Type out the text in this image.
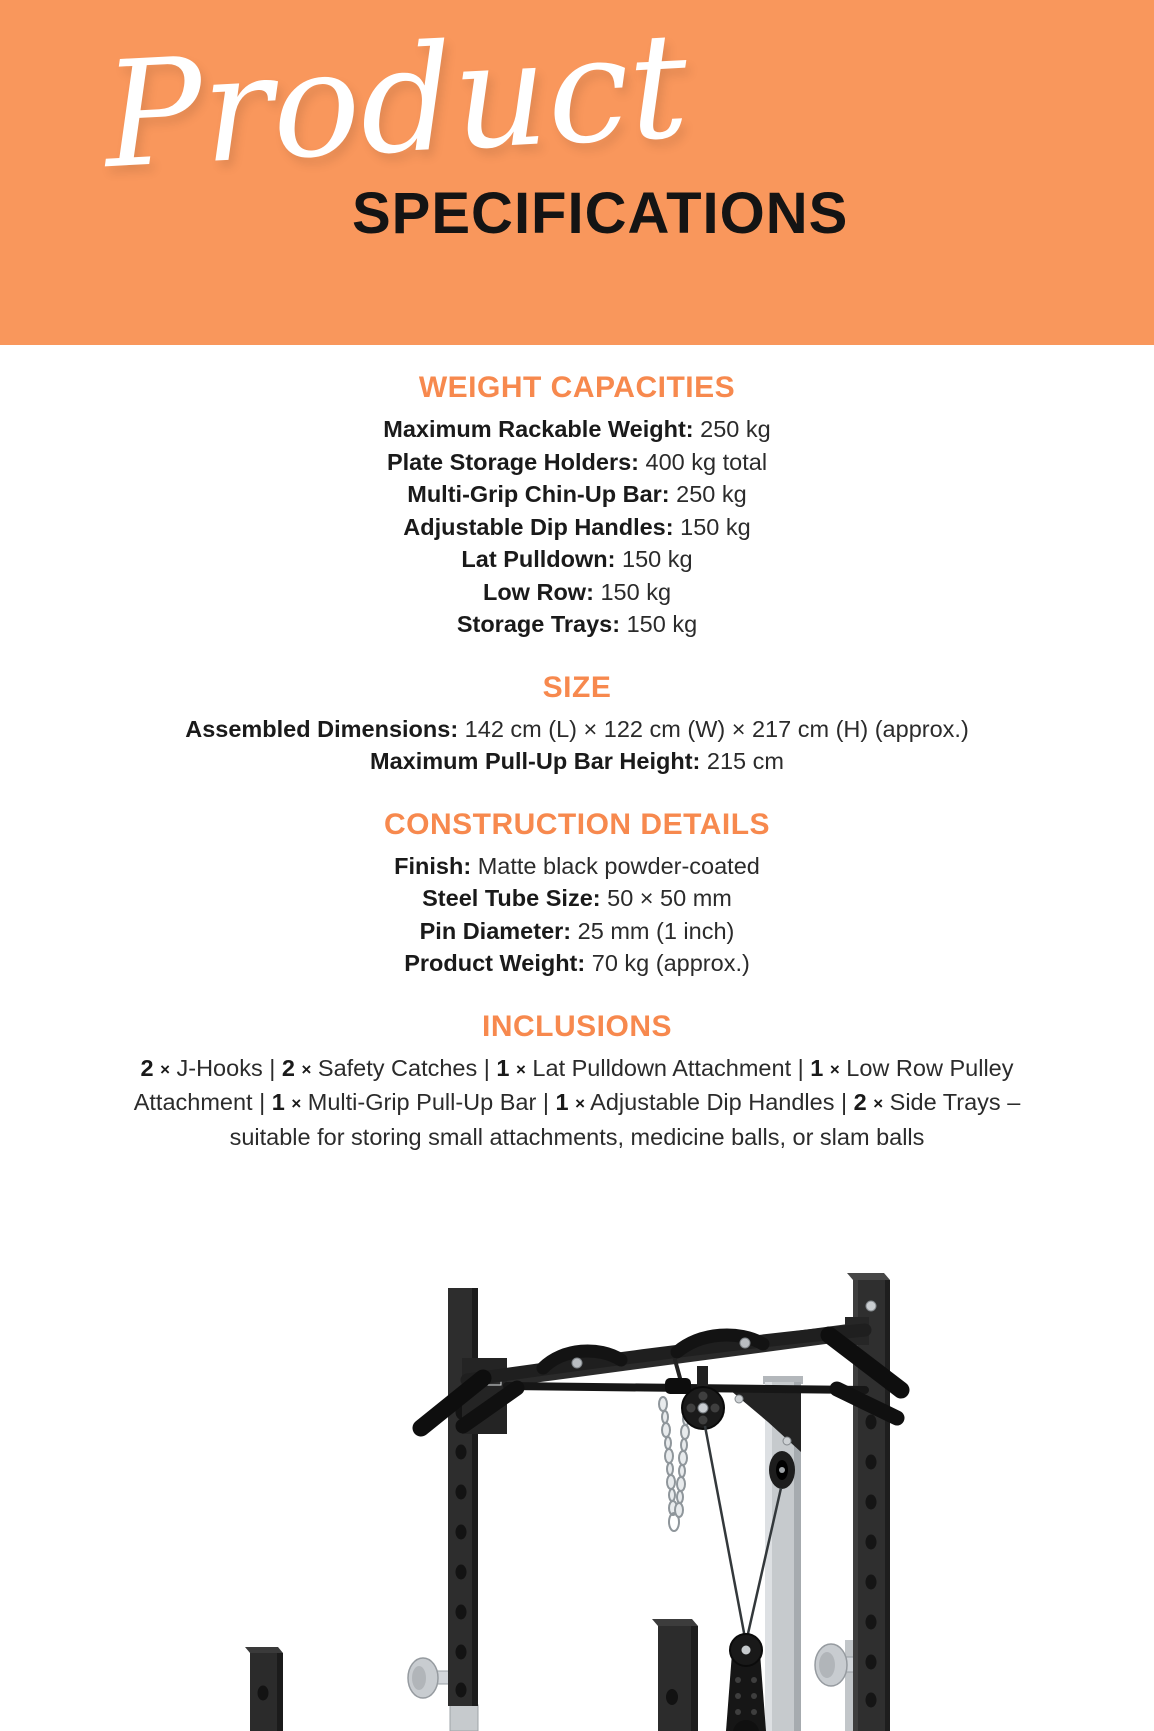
Product
SPECIFICATIONS
WEIGHT CAPACITIES

Maximum Rackable Weight: 250 kg

Plate Storage Holders: 400 kg total

Multi-Grip Chin-Up Bar: 250 kg

Adjustable Dip Handles: 150 kg

Lat Pulldown: 150 kg

Low Row: 150 kg

Storage Trays: 150 kg

SIZE

Assembled Dimensions: 142 cm (L) × 122 cm (W) × 217 cm (H) (approx.)

Maximum Pull-Up Bar Height: 215 cm

CONSTRUCTION DETAILS

Finish: Matte black powder-coated

Steel Tube Size: 50 × 50 mm

Pin Diameter: 25 mm (1 inch)

Product Weight: 70 kg (approx.)

INCLUSIONS

2 × J-Hooks | 2 × Safety Catches | 1 × Lat Pulldown Attachment | 1 × Low Row Pulley Attachment | 1 × Multi-Grip Pull-Up Bar | 1 × Adjustable Dip Handles | 2 × Side Trays – suitable for storing small attachments, medicine balls, or slam balls
